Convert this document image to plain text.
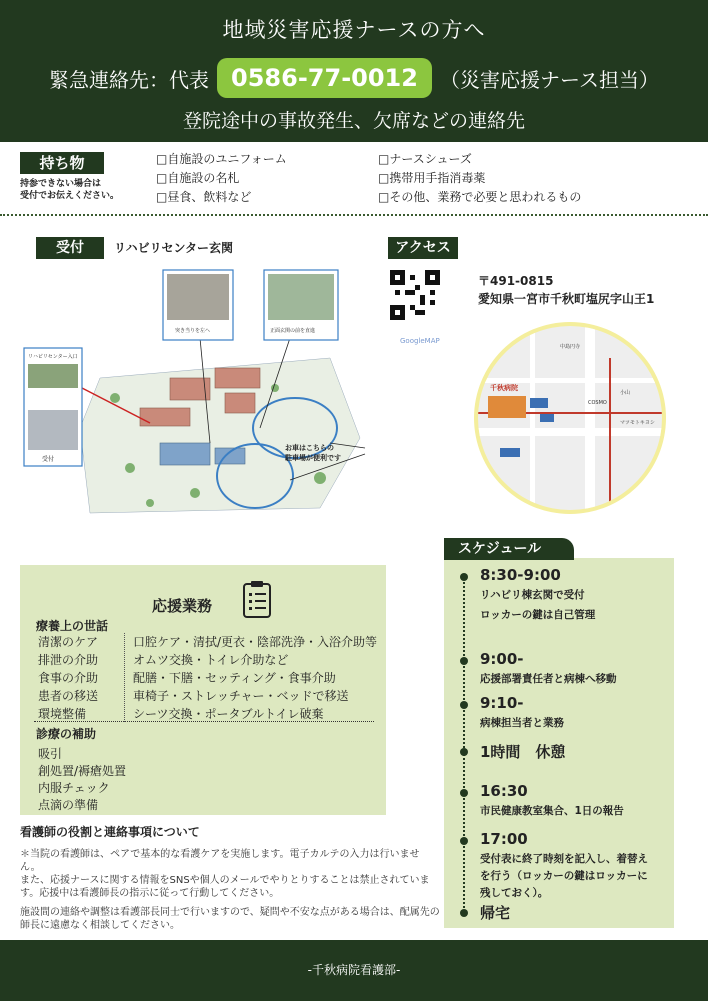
地域災害応援ナースの方へ
緊急連絡先：代表 0586-77-0012	（災害応援ナース担当）
登院途中の事故発生、欠席などの連絡先
持ち物
持参できない場合は
受付でお伝えください。
□自施設のユニフォーム
□自施設の名札
□昼食、飲料など
□ナースシューズ
□携帯用手指消毒薬
□その他、業務で必要と思われるもの
受付	リハビリセンター玄関
リハビリセンター入口
受付
突き当りを左へ	正面玄関の前を直進
お車はこちらの
駐車場が便利です
アクセス
GoogleMAP
〒491-0815
愛知県一宮市千秋町塩尻字山王1
千秋病院
COSMO
マツモトキヨシ
中島円寺
小山
応援業務
療養上の世話
清潔のケア	口腔ケア・清拭/更衣・陰部洗浄・入浴介助等
排泄の介助	オムツ交換・トイレ介助など
食事の介助	配膳・下膳・セッティング・食事介助
患者の移送	車椅子・ストレッチャー・ベッドで移送
環境整備	シーツ交換・ポータブルトイレ破棄
診療の補助
吸引
創処置/褥瘡処置
内服チェック
点滴の準備
看護師の役割と連絡事項について
＊当院の看護師は、ペアで基本的な看護ケアを実施します。電子カルテの入力は行いません。
また、応援ナースに関する情報をSNSや個人のメールでやりとりすることは禁止されています。応援中は看護師長の指示に従って行動してください。
施設間の連絡や調整は看護部長同士で行いますので、疑問や不安な点がある場合は、配属先の師長に遠慮なく相談してください。
スケジュール
8:30-9:00
リハビリ棟玄関で受付
ロッカーの鍵は自己管理
9:00-
応援部署責任者と病棟へ移動
9:10-
病棟担当者と業務
1時間　休憩
16:30
市民健康教室集合、1日の報告
17:00
受付表に終了時刻を記入し、着替え
を行う（ロッカーの鍵はロッカーに
残しておく）。
帰宅
-千秋病院看護部-
